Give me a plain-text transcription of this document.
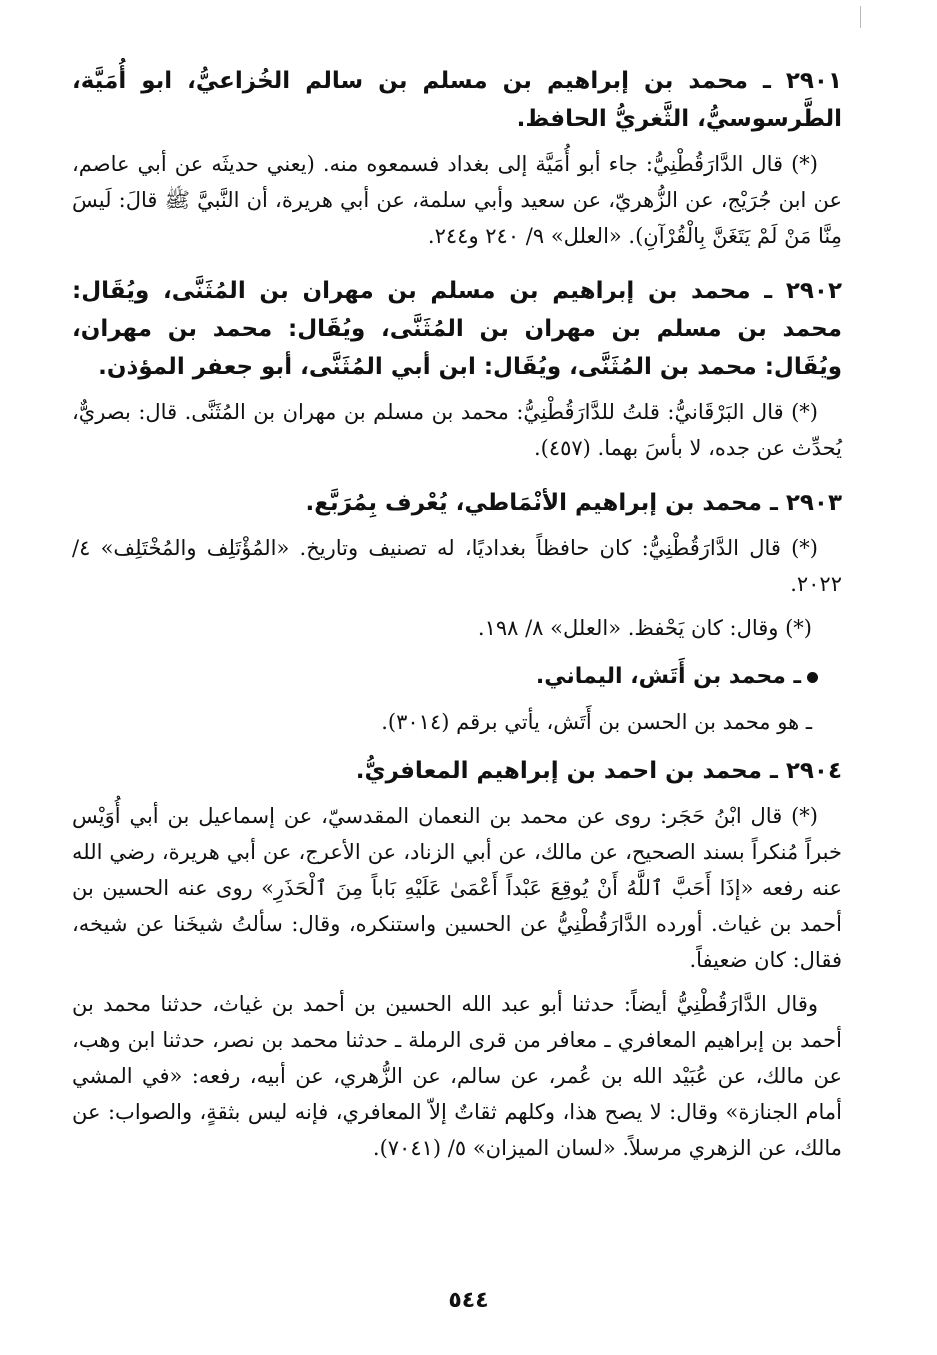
٢٩٠١ ـ محمد بن إبراهيم بن مسلم بن سالم الخُزاعيُّ، ابو أُمَيَّة، الطَّرسوسيُّ، الثَّغريُّ الحافظ.

(*) قال الدَّارَقُطْنِيُّ: جاء أبو أُمَيَّة إلى بغداد فسمعوه منه. (يعني حديثَه عن أبي عاصم، عن ابن جُرَيْج، عن الزُّهريّ، عن سعيد وأبي سلمة، عن أبي هريرة، أن النَّبيَّ ﷺ قالَ: لَيسَ مِنَّا مَنْ لَمْ يَتَغَنَّ بِالْقُرْآنِ). «العلل» ٩/ ٢٤٠ و٢٤٤.

٢٩٠٢ ـ محمد بن إبراهيم بن مسلم بن مهران بن المُثَنَّى، ويُقَال: محمد بن مسلم بن مهران بن المُثَنَّى، ويُقَال: محمد بن مهران، ويُقَال: محمد بن المُثَنَّى، ويُقَال: ابن أبي المُثَنَّى، أبو جعفر المؤذن.

(*) قال البَرْقَانيُّ: قلتُ للدَّارَقُطْنِيُّ: محمد بن مسلم بن مهران بن المُثَنَّى. قال: بصريٌّ، يُحدِّث عن جده، لا بأسَ بهما. (٤٥٧).

٢٩٠٣ ـ محمد بن إبراهيم الأنْمَاطي، يُعْرف بِمُرَبَّع.

(*) قال الدَّارَقُطْنِيُّ: كان حافظاً بغداديًا، له تصنيف وتاريخ. «المُؤْتَلِف والمُخْتَلِف» ٤/ ٢٠٢٢.

(*) وقال: كان يَحْفظ. «العلل» ٨/ ١٩٨.

ـ محمد بن أَتَش، اليماني.

ـ هو محمد بن الحسن بن أَتَش، يأتي برقم (٣٠١٤).

٢٩٠٤ ـ محمد بن احمد بن إبراهيم المعافريُّ.

(*) قال ابْنُ حَجَر: روى عن محمد بن النعمان المقدسيّ، عن إسماعيل بن أبي أُوَيْس خبراً مُنكراً بسند الصحيح، عن مالك، عن أبي الزناد، عن الأعرج، عن أبي هريرة، رضي الله عنه رفعه «إذَا أَحَبَّ ٱللَّهُ أَنْ يُوقِعَ عَبْداً أَعْمَىٰ عَلَيْهِ بَاباً مِنَ ٱلْحَذَرِ» روى عنه الحسين بن أحمد بن غياث. أورده الدَّارَقُطْنِيُّ عن الحسين واستنكره، وقال: سألتُ شيخَنا عن شيخه، فقال: كان ضعيفاً.

وقال الدَّارَقُطْنِيُّ أيضاً: حدثنا أبو عبد الله الحسين بن أحمد بن غياث، حدثنا محمد بن أحمد بن إبراهيم المعافري ـ معافر من قرى الرملة ـ حدثنا محمد بن نصر، حدثنا ابن وهب، عن مالك، عن عُبَيْد الله بن عُمر، عن سالم، عن الزُّهري، عن أبيه، رفعه: «في المشي أمام الجنازة» وقال: لا يصح هذا، وكلهم ثقاتٌ إلاّ المعافري، فإنه ليس بثقةٍ، والصواب: عن مالك، عن الزهري مرسلاً. «لسان الميزان» ٥/ (٧٠٤١).

٥٤٤
